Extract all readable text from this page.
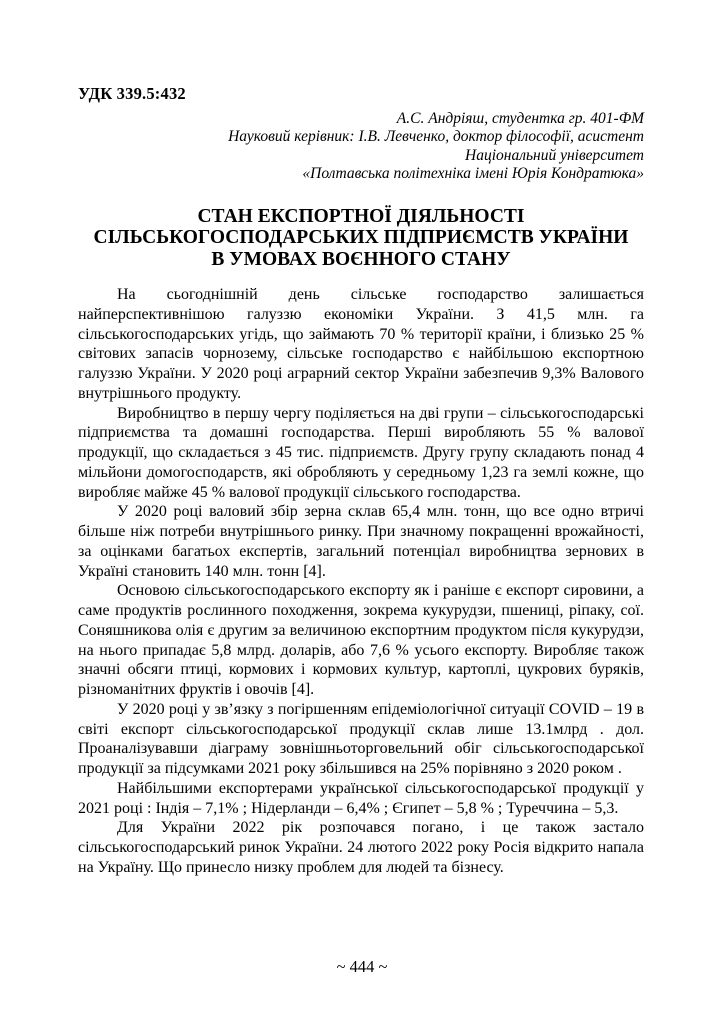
УДК 339.5:432
А.С. Андріяш, студентка гр. 401-ФМ
Науковий керівник: І.В. Левченко, доктор філософії, асистент
Національний університет
«Полтавська політехніка імені Юрія Кондратюка»
СТАН ЕКСПОРТНОЇ ДІЯЛЬНОСТІ
СІЛЬСЬКОГОСПОДАРСЬКИХ ПІДПРИЄМСТВ УКРАЇНИ
В УМОВАХ ВОЄННОГО СТАНУ

На сьогоднішній день сільське господарство залишається найперспективнішою галуззю економіки України. З 41,5 млн. га сільськогосподарських угідь, що займають 70 % території країни, і близько 25 % світових запасів чорнозему, сільське господарство є найбільшою експортною галуззю України. У 2020 році аграрний сектор України забезпечив 9,3% Валового внутрішнього продукту.

Виробництво в першу чергу поділяється на дві групи – сільськогосподарські підприємства та домашні господарства. Перші виробляють 55 % валової продукції, що складається з 45 тис. підприємств. Другу групу складають понад 4 мільйони домогосподарств, які обробляють у середньому 1,23 га землі кожне, що виробляє майже 45 % валової продукції сільського господарства.

У 2020 році валовий збір зерна склав 65,4 млн. тонн, що все одно втричі більше ніж потреби внутрішнього ринку. При значному покращенні врожайності, за оцінками багатьох експертів, загальний потенціал виробництва зернових в Україні становить 140 млн. тонн [4].

Основою сільськогосподарського експорту як і раніше є експорт сировини, а саме продуктів рослинного походження, зокрема кукурудзи, пшениці, ріпаку, сої. Соняшникова олія є другим за величиною експортним продуктом після кукурудзи, на нього припадає 5,8 млрд. доларів, або 7,6 % усього експорту. Виробляє також значні обсяги птиці, кормових і кормових культур, картоплі, цукрових буряків, різноманітних фруктів і овочів [4].

У 2020 році у зв’язку з погіршенням епідеміологічної ситуації COVID – 19 в світі експорт сільськогосподарської продукції склав лише 13.1млрд . дол. Проаналізувавши діаграму зовнішньоторговельний обіг сільськогосподарської продукції за підсумками 2021 року збільшився на 25% порівняно з 2020 роком .

Найбільшими експортерами української сільськогосподарської продукції у 2021 році : Індія – 7,1% ; Нідерланди – 6,4% ; Єгипет – 5,8 % ; Туреччина – 5,3.

Для України 2022 рік розпочався погано, і це також застало сільськогосподарський ринок України. 24 лютого 2022 року Росія відкрито напала на Україну. Що принесло низку проблем для людей та бізнесу.

~ 444 ~
